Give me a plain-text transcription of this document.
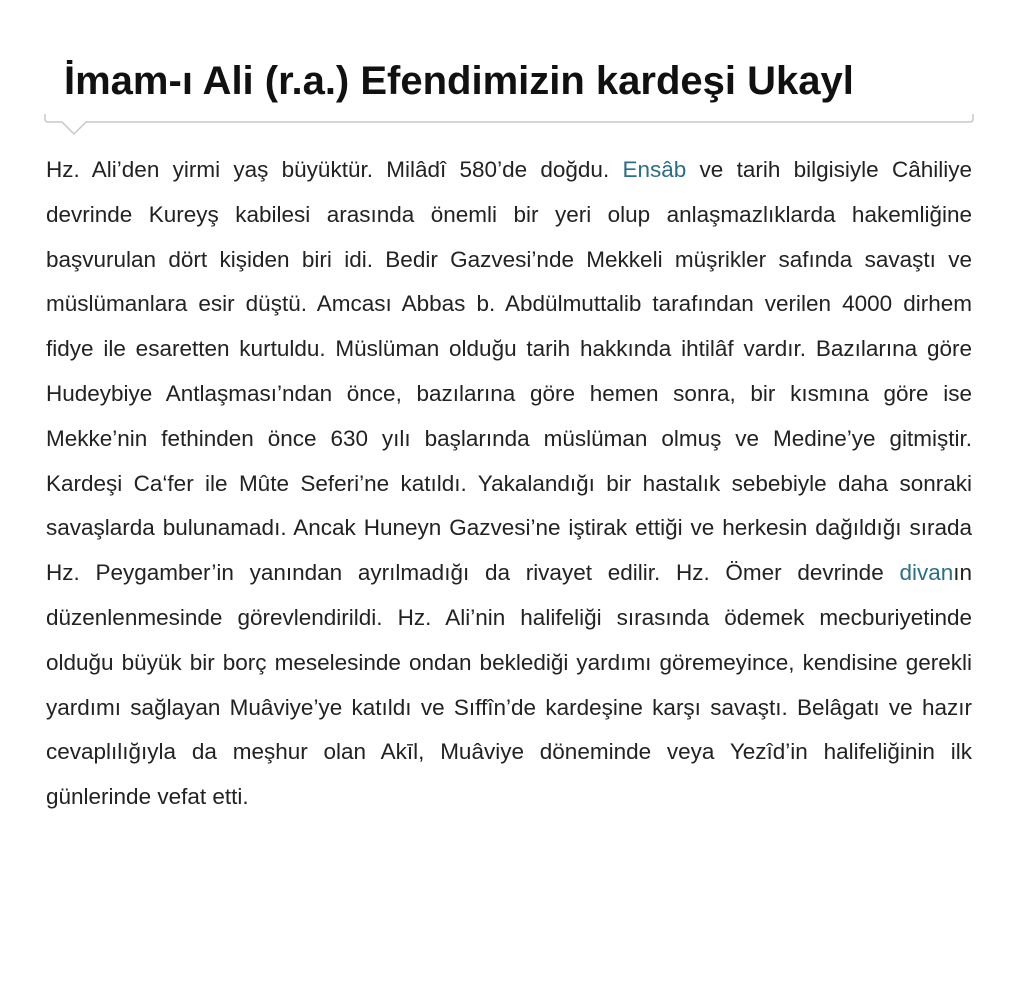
İmam-ı Ali (r.a.) Efendimizin kardeşi Ukayl

Hz. Ali’den yirmi yaş büyüktür. Milâdî 580’de doğdu. Ensâb ve tarih bilgisiyle Câhiliye devrinde Kureyş kabilesi arasında önemli bir yeri olup anlaşmazlıklarda hakemliğine başvurulan dört kişiden biri idi. Bedir Gazvesi’nde Mekkeli müşrikler safında savaştı ve müslümanlara esir düştü. Amcası Abbas b. Abdülmuttalib tarafından verilen 4000 dirhem fidye ile esaretten kurtuldu. Müslüman olduğu tarih hakkında ihtilâf vardır. Bazılarına göre Hudeybiye Antlaşması’ndan önce, bazılarına göre hemen sonra, bir kısmına göre ise Mekke’nin fethinden önce 630 yılı başlarında müslüman olmuş ve Medine’ye gitmiştir. Kardeşi Ca‘fer ile Mûte Seferi’ne katıldı. Yakalandığı bir hastalık sebebiyle daha sonraki savaşlarda bulunamadı. Ancak Huneyn Gazvesi’ne iştirak ettiği ve herkesin dağıldığı sırada Hz. Peygamber’in yanından ayrılmadığı da rivayet edilir. Hz. Ömer devrinde divanın düzenlenmesinde görevlendirildi. Hz. Ali’nin halifeliği sırasında ödemek mecburiyetinde olduğu büyük bir borç meselesinde ondan beklediği yardımı göremeyince, kendisine gerekli yardımı sağlayan Muâviye’ye katıldı ve Sıffîn’de kardeşine karşı savaştı. Belâgatı ve hazır cevaplılığıyla da meşhur olan Akīl, Muâviye döneminde veya Yezîd’in halifeliğinin ilk günlerinde vefat etti.
